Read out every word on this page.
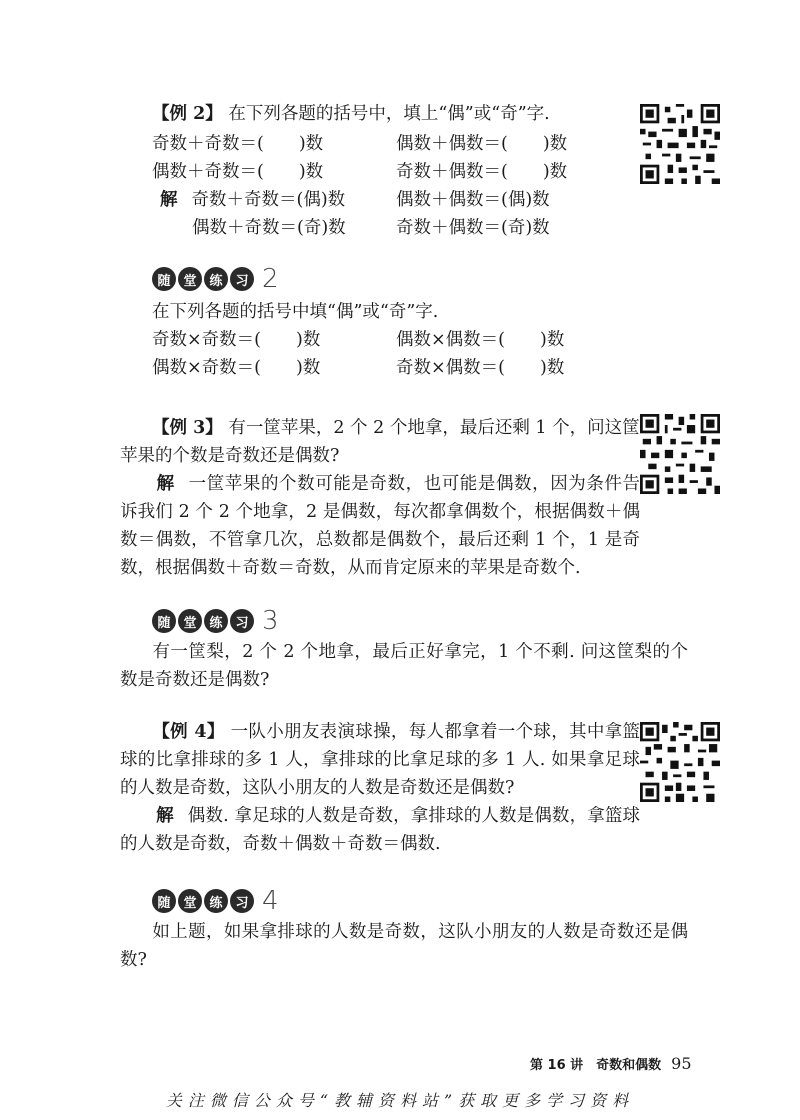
【例 2】 在下列各题的括号中，填上“偶”或“奇”字.
奇数＋奇数＝(　　)数	偶数＋偶数＝(　　)数
偶数＋奇数＝(　　)数	奇数＋偶数＝(　　)数
解 奇数＋奇数＝(偶)数	偶数＋偶数＝(偶)数
偶数＋奇数＝(奇)数	奇数＋偶数＝(奇)数
随 堂 练 习 2
在下列各题的括号中填“偶”或“奇”字.
奇数×奇数＝(　　)数	偶数×偶数＝(　　)数
偶数×奇数＝(　　)数	奇数×偶数＝(　　)数
【例 3】 有一筐苹果，2 个 2 个地拿，最后还剩 1 个，问这筐
苹果的个数是奇数还是偶数?
解 一筐苹果的个数可能是奇数，也可能是偶数，因为条件告诉我们 2 个 2 个地拿，2 是偶数，每次都拿偶数个，根据偶数＋偶数＝偶数，不管拿几次，总数都是偶数个，最后还剩 1 个，1 是奇数，根据偶数＋奇数＝奇数，从而肯定原来的苹果是奇数个.
随 堂 练 习 3
有一筐梨，2 个 2 个地拿，最后正好拿完，1 个不剩. 问这筐梨的个数是奇数还是偶数?
【例 4】 一队小朋友表演球操，每人都拿着一个球，其中拿篮球的比拿排球的多 1 人，拿排球的比拿足球的多 1 人. 如果拿足球的人数是奇数，这队小朋友的人数是奇数还是偶数?
解 偶数. 拿足球的人数是奇数，拿排球的人数是偶数，拿篮球的人数是奇数，奇数＋偶数＋奇数＝偶数.
随 堂 练 习 4
如上题，如果拿排球的人数是奇数，这队小朋友的人数是奇数还是偶数?
第 16 讲　奇数和偶数 95
关注微信公众号“教辅资料站”获取更多学习资料
